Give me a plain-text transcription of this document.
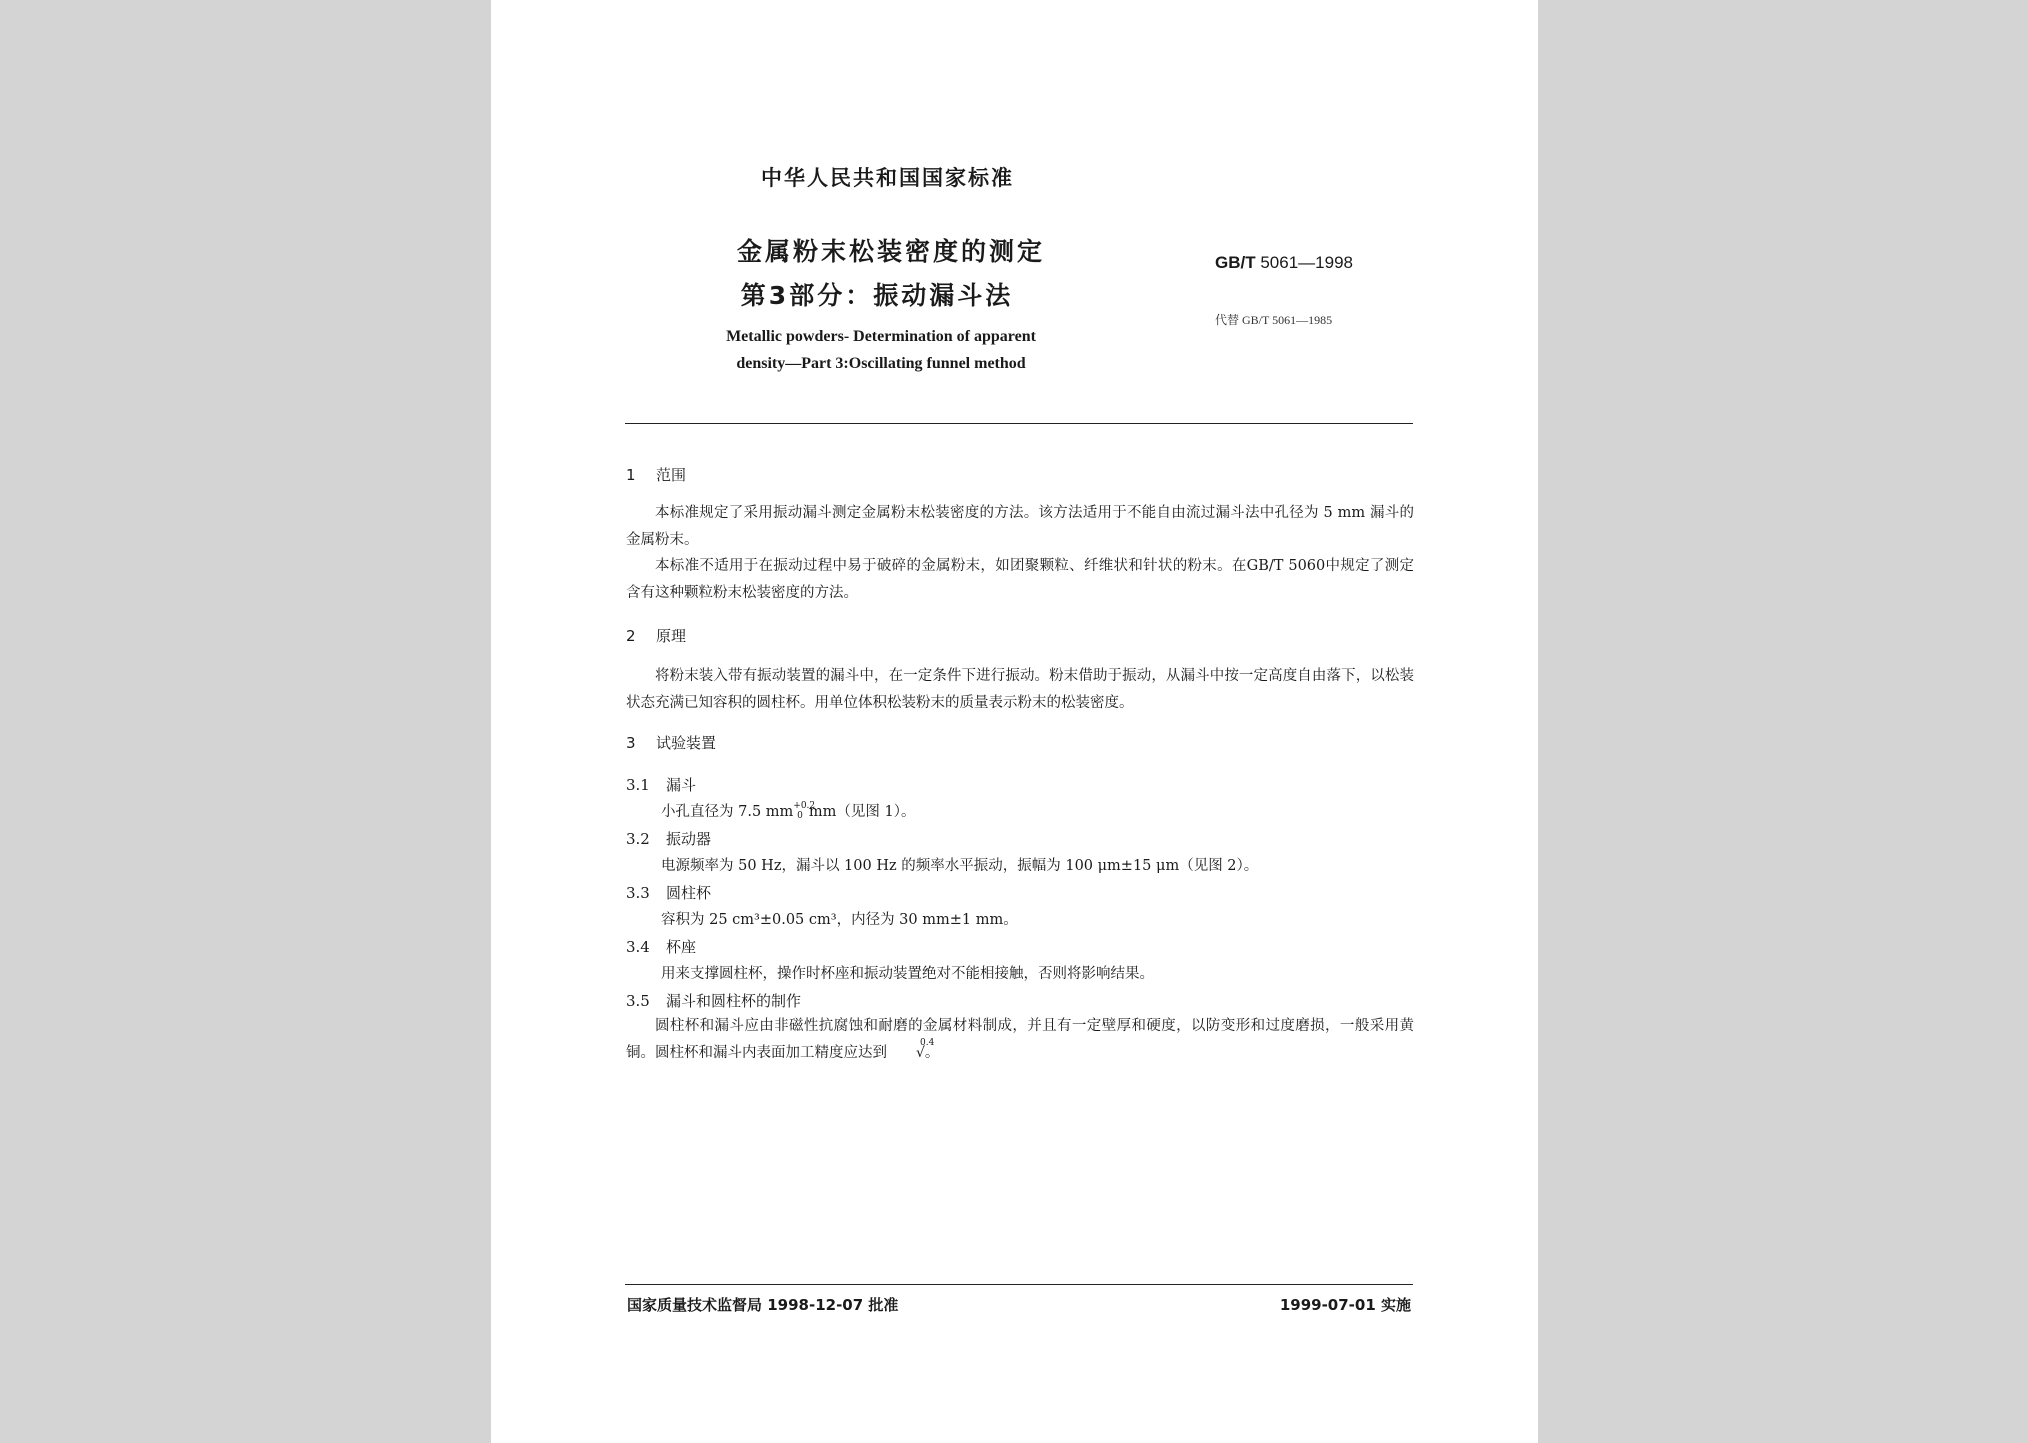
中华人民共和国国家标准
金属粉末松装密度的测定
第3部分：振动漏斗法
Metallic powders- Determination of apparent
density—Part 3:Oscillating funnel method
GB/T 5061—1998
代替 GB/T 5061—1985
1 范围

本标准规定了采用振动漏斗测定金属粉末松装密度的方法。该方法适用于不能自由流过漏斗法中孔径为 5 mm 漏斗的金属粉末。

本标准不适用于在振动过程中易于破碎的金属粉末，如团聚颗粒、纤维状和针状的粉末。在GB/T 5060中规定了测定含有这种颗粒粉末松装密度的方法。

2 原理

将粉末装入带有振动装置的漏斗中，在一定条件下进行振动。粉末借助于振动，从漏斗中按一定高度自由落下，以松装状态充满已知容积的圆柱杯。用单位体积松装粉末的质量表示粉末的松装密度。

3 试验装置
3.1 漏斗
小孔直径为 7.5 $mm^{+0.2}0$ mm（见图 1）。
3.2 振动器
电源频率为 50 Hz，漏斗以 100 Hz 的频率水平振动，振幅为 100 μm±15 μm（见图 2）。
3.3 圆柱杯
容积为 25 cm³±0.05 cm³，内径为 30 mm±1 mm。
3.4 杯座
用来支撑圆柱杯，操作时杯座和振动装置绝对不能相接触，否则将影响结果。
3.5 漏斗和圆柱杯的制作

圆柱杯和漏斗应由非磁性抗腐蚀和耐磨的金属材料制成，并且有一定壁厚和硬度，以防变形和过度磨损，一般采用黄铜。圆柱杯和漏斗内表面加工精度应达到
0.4
√。

国家质量技术监督局 1998-12-07 批准	1999-07-01 实施
